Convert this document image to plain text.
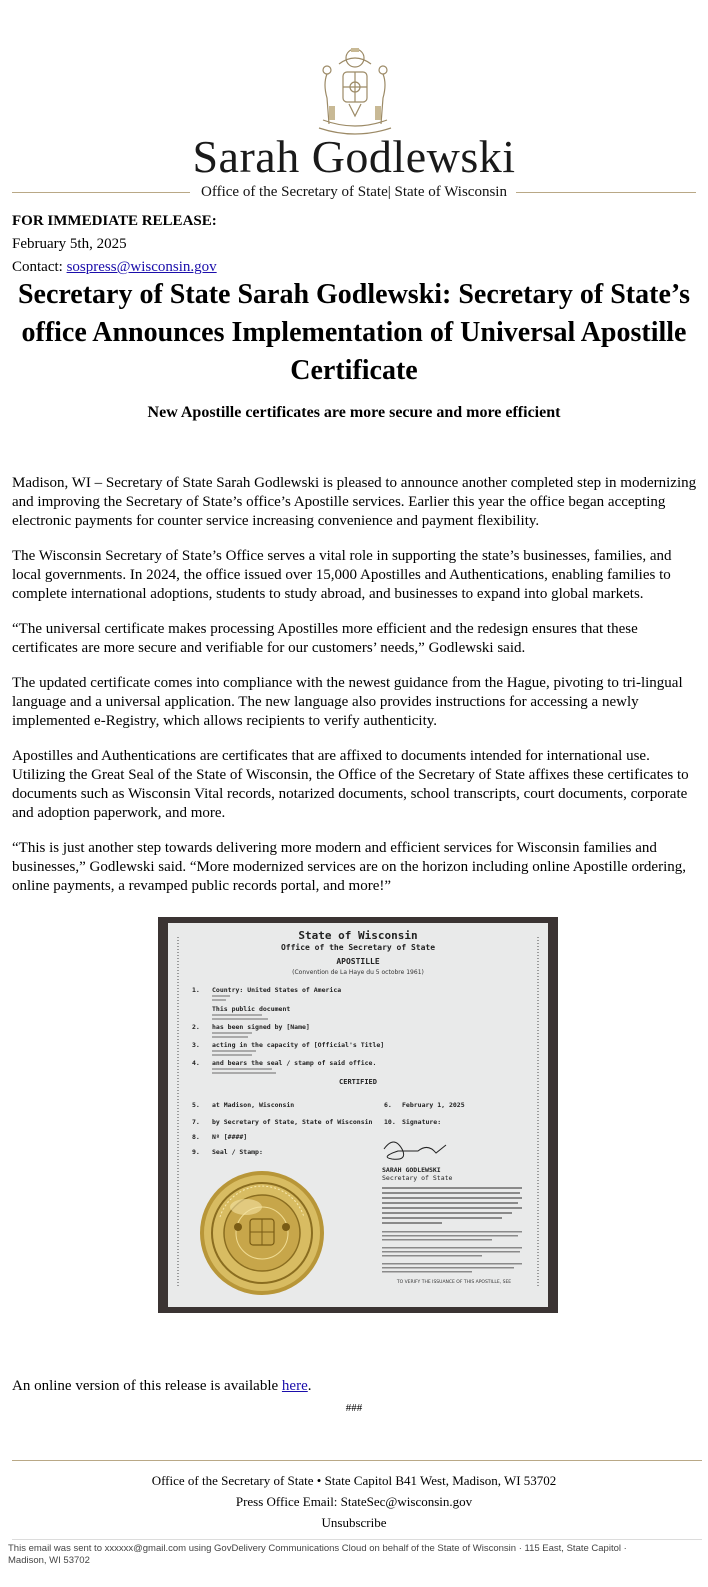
Sarah Godlewski
Office of the Secretary of State| State of Wisconsin
FOR IMMEDIATE RELEASE:
February 5th, 2025
Contact: sospress@wisconsin.gov
Secretary of State Sarah Godlewski: Secretary of State’s office Announces Implementation of Universal Apostille Certificate
New Apostille certificates are more secure and more efficient

Madison, WI – Secretary of State Sarah Godlewski is pleased to announce another completed step in modernizing and improving the Secretary of State’s office’s Apostille services. Earlier this year the office began accepting electronic payments for counter service increasing convenience and payment flexibility.

The Wisconsin Secretary of State’s Office serves a vital role in supporting the state’s businesses, families, and local governments. In 2024, the office issued over 15,000 Apostilles and Authentications, enabling families to complete international adoptions, students to study abroad, and businesses to expand into global markets.

“The universal certificate makes processing Apostilles more efficient and the redesign ensures that these certificates are more secure and verifiable for our customers’ needs,” Godlewski said.

The updated certificate comes into compliance with the newest guidance from the Hague, pivoting to tri-lingual language and a universal application. The new language also provides instructions for accessing a newly implemented e-Registry, which allows recipients to verify authenticity.

Apostilles and Authentications are certificates that are affixed to documents intended for international use. Utilizing the Great Seal of the State of Wisconsin, the Office of the Secretary of State affixes these certificates to documents such as Wisconsin Vital records, notarized documents, school transcripts, court documents, corporate and adoption paperwork, and more.

“This is just another step towards delivering more modern and efficient services for Wisconsin families and businesses,” Godlewski said. “More modernized services are on the horizon including online Apostille ordering, online payments, a revamped public records portal, and more!”

State of Wisconsin
Office of the Secretary of State
APOSTILLE
(Convention de La Haye du 5 octobre 1961)
1. Country: United States of America
This public document
2. has been signed by [Name]
3. acting in the capacity of [Official's Title]
4. and bears the seal / stamp of said office.
CERTIFIED
5. at Madison, Wisconsin
7. by Secretary of State, State of Wisconsin
8. Nº [####]
9. Seal / Stamp:
6. February 1, 2025
10. Signature:
SARAH GODLEWSKI
Secretary of State
TO VERIFY THE ISSUANCE OF THIS APOSTILLE, SEE
An online version of this release is available here.
###
Office of the Secretary of State • State Capitol B41 West, Madison, WI 53702
Press Office Email: StateSec@wisconsin.gov
Unsubscribe
This email was sent to xxxxxx@gmail.com using GovDelivery Communications Cloud on behalf of the State of Wisconsin · 115 East, State Capitol · Madison, WI 53702
